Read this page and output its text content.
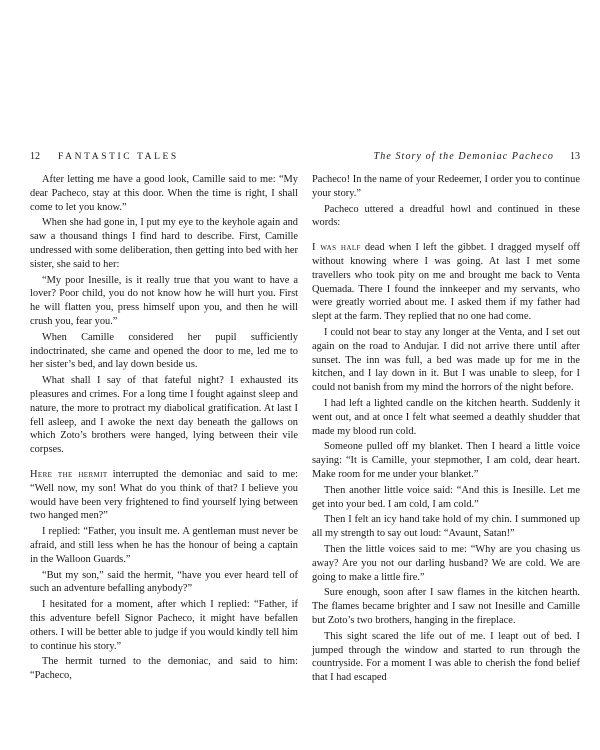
12 FANTASTIC TALES

After letting me have a good look, Camille said to me: “My dear Pacheco, stay at this door. When the time is right, I shall come to let you know.”

When she had gone in, I put my eye to the keyhole again and saw a thousand things I find hard to describe. First, Camille undressed with some deliberation, then getting into bed with her sister, she said to her:

“My poor Inesille, is it really true that you want to have a lover? Poor child, you do not know how he will hurt you. First he will flatten you, press himself upon you, and then he will crush you, fear you.”

When Camille considered her pupil sufficiently indoctrinated, she came and opened the door to me, led me to her sister’s bed, and lay down beside us.

What shall I say of that fateful night? I exhausted its pleasures and crimes. For a long time I fought against sleep and nature, the more to protract my diabolical gratification. At last I fell asleep, and I awoke the next day beneath the gallows on which Zoto’s brothers were hanged, lying between their vile corpses.

Here the hermit interrupted the demoniac and said to me: “Well now, my son! What do you think of that? I believe you would have been very frightened to find yourself lying between two hanged men?”

I replied: “Father, you insult me. A gentleman must never be afraid, and still less when he has the honour of being a captain in the Walloon Guards.”

“But my son,” said the hermit, “have you ever heard tell of such an adventure befalling anybody?”

I hesitated for a moment, after which I replied: “Father, if this adventure befell Signor Pacheco, it might have befallen others. I will be better able to judge if you would kindly tell him to continue his story.”

The hermit turned to the demoniac, and said to him: “Pacheco,

The Story of the Demoniac Pacheco 13

Pacheco! In the name of your Redeemer, I order you to continue your story.”

Pacheco uttered a dreadful howl and continued in these words:

I was half dead when I left the gibbet. I dragged myself off without knowing where I was going. At last I met some travellers who took pity on me and brought me back to Venta Quemada. There I found the innkeeper and my servants, who were greatly worried about me. I asked them if my father had slept at the farm. They replied that no one had come.

I could not bear to stay any longer at the Venta, and I set out again on the road to Andujar. I did not arrive there until after sunset. The inn was full, a bed was made up for me in the kitchen, and I lay down in it. But I was unable to sleep, for I could not banish from my mind the horrors of the night before.

I had left a lighted candle on the kitchen hearth. Suddenly it went out, and at once I felt what seemed a deathly shudder that made my blood run cold.

Someone pulled off my blanket. Then I heard a little voice saying: “It is Camille, your stepmother, I am cold, dear heart. Make room for me under your blanket.”

Then another little voice said: “And this is Inesille. Let me get into your bed. I am cold, I am cold.”

Then I felt an icy hand take hold of my chin. I summoned up all my strength to say out loud: “Avaunt, Satan!”

Then the little voices said to me: “Why are you chasing us away? Are you not our darling husband? We are cold. We are going to make a little fire.”

Sure enough, soon after I saw flames in the kitchen hearth. The flames became brighter and I saw not Inesille and Camille but Zoto’s two brothers, hanging in the fireplace.

This sight scared the life out of me. I leapt out of bed. I jumped through the window and started to run through the countryside. For a moment I was able to cherish the fond belief that I had escaped
